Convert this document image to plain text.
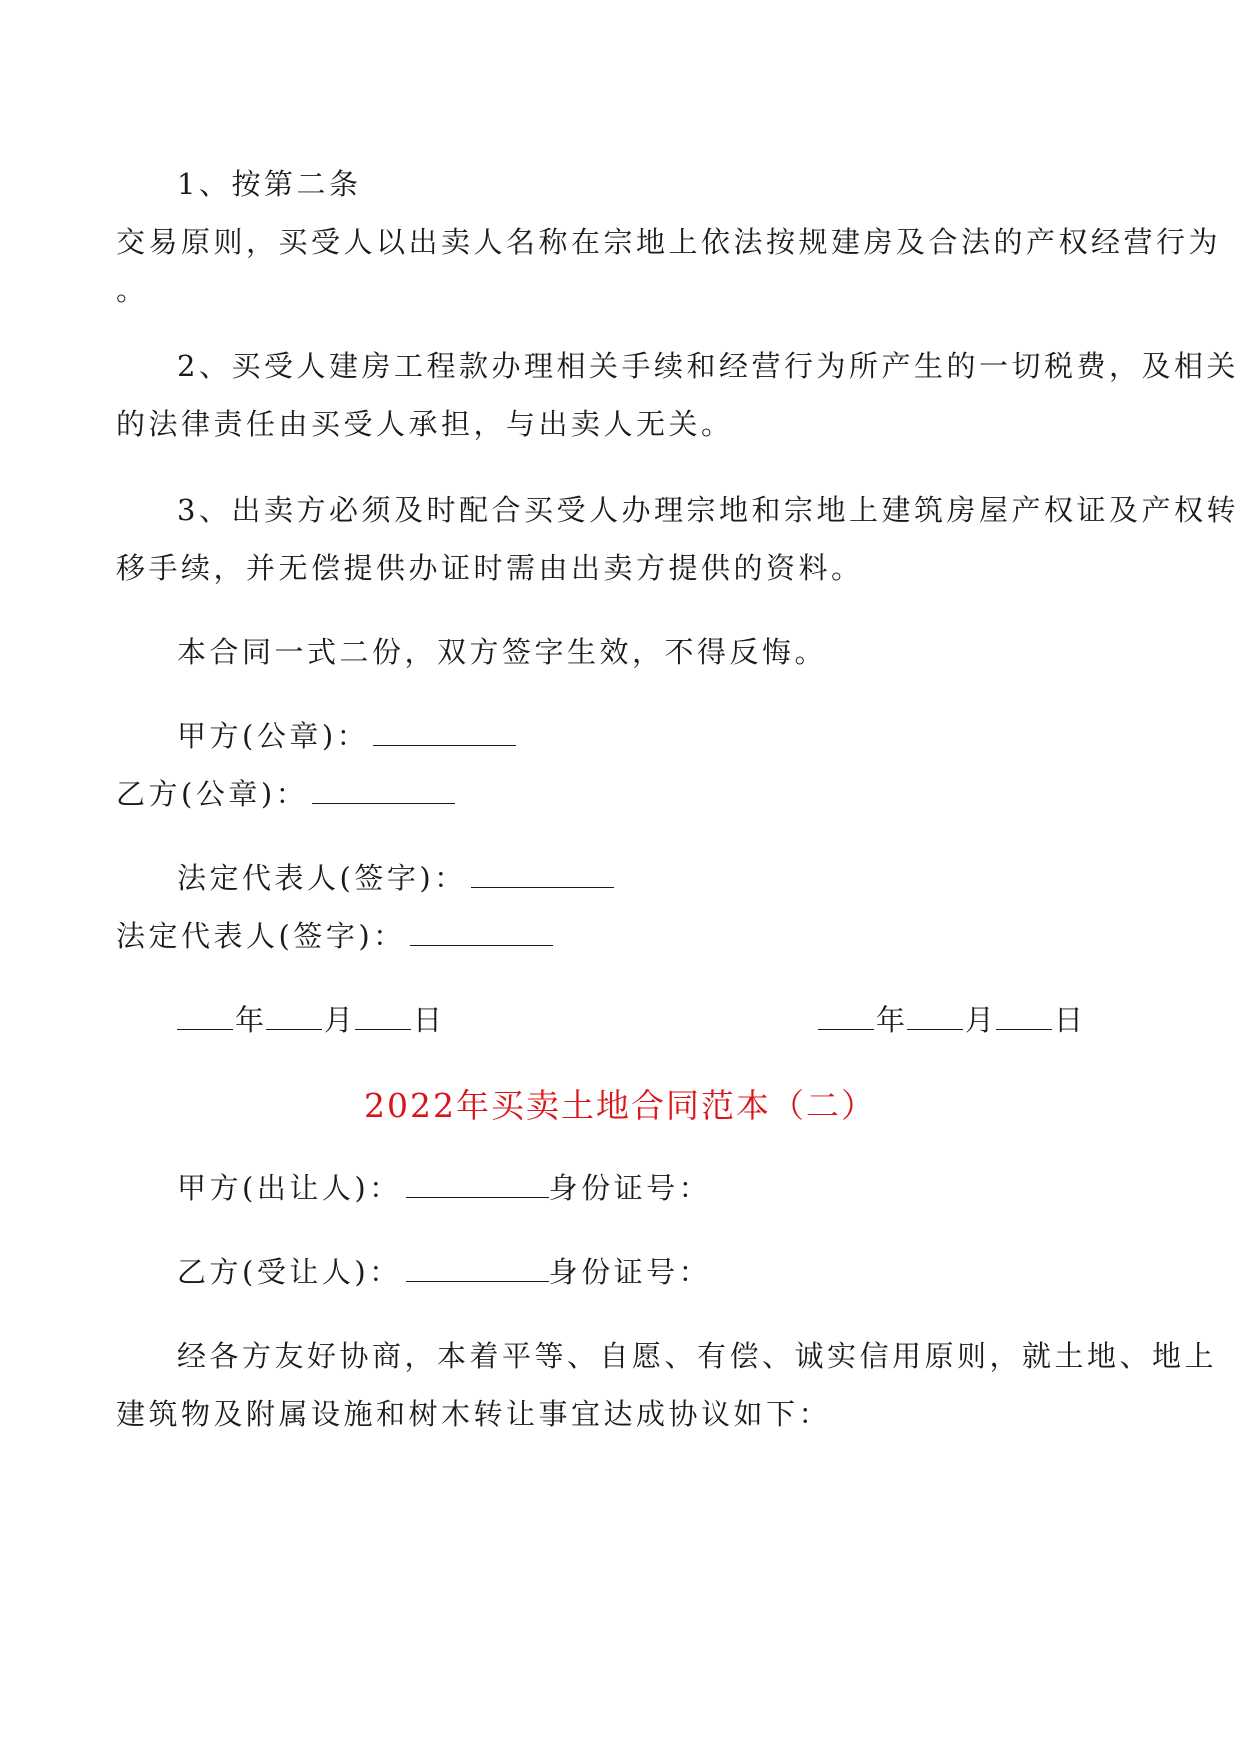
1、按第二条

交易原则，买受人以出卖人名称在宗地上依法按规建房及合法的产权经营行为

。

2、买受人建房工程款办理相关手续和经营行为所产生的一切税费，及相关

的法律责任由买受人承担，与出卖人无关。

3、出卖方必须及时配合买受人办理宗地和宗地上建筑房屋产权证及产权转

移手续，并无偿提供办证时需由出卖方提供的资料。

本合同一式二份，双方签字生效，不得反悔。

甲方(公章)：

乙方(公章)：

法定代表人(签字)：

法定代表人(签字)：

年 月 日	年 月 日
2022年买卖土地合同范本（二）

甲方(出让人)：	身份证号：

乙方(受让人)：	身份证号：

经各方友好协商，本着平等、自愿、有偿、诚实信用原则，就土地、地上

建筑物及附属设施和树木转让事宜达成协议如下：
